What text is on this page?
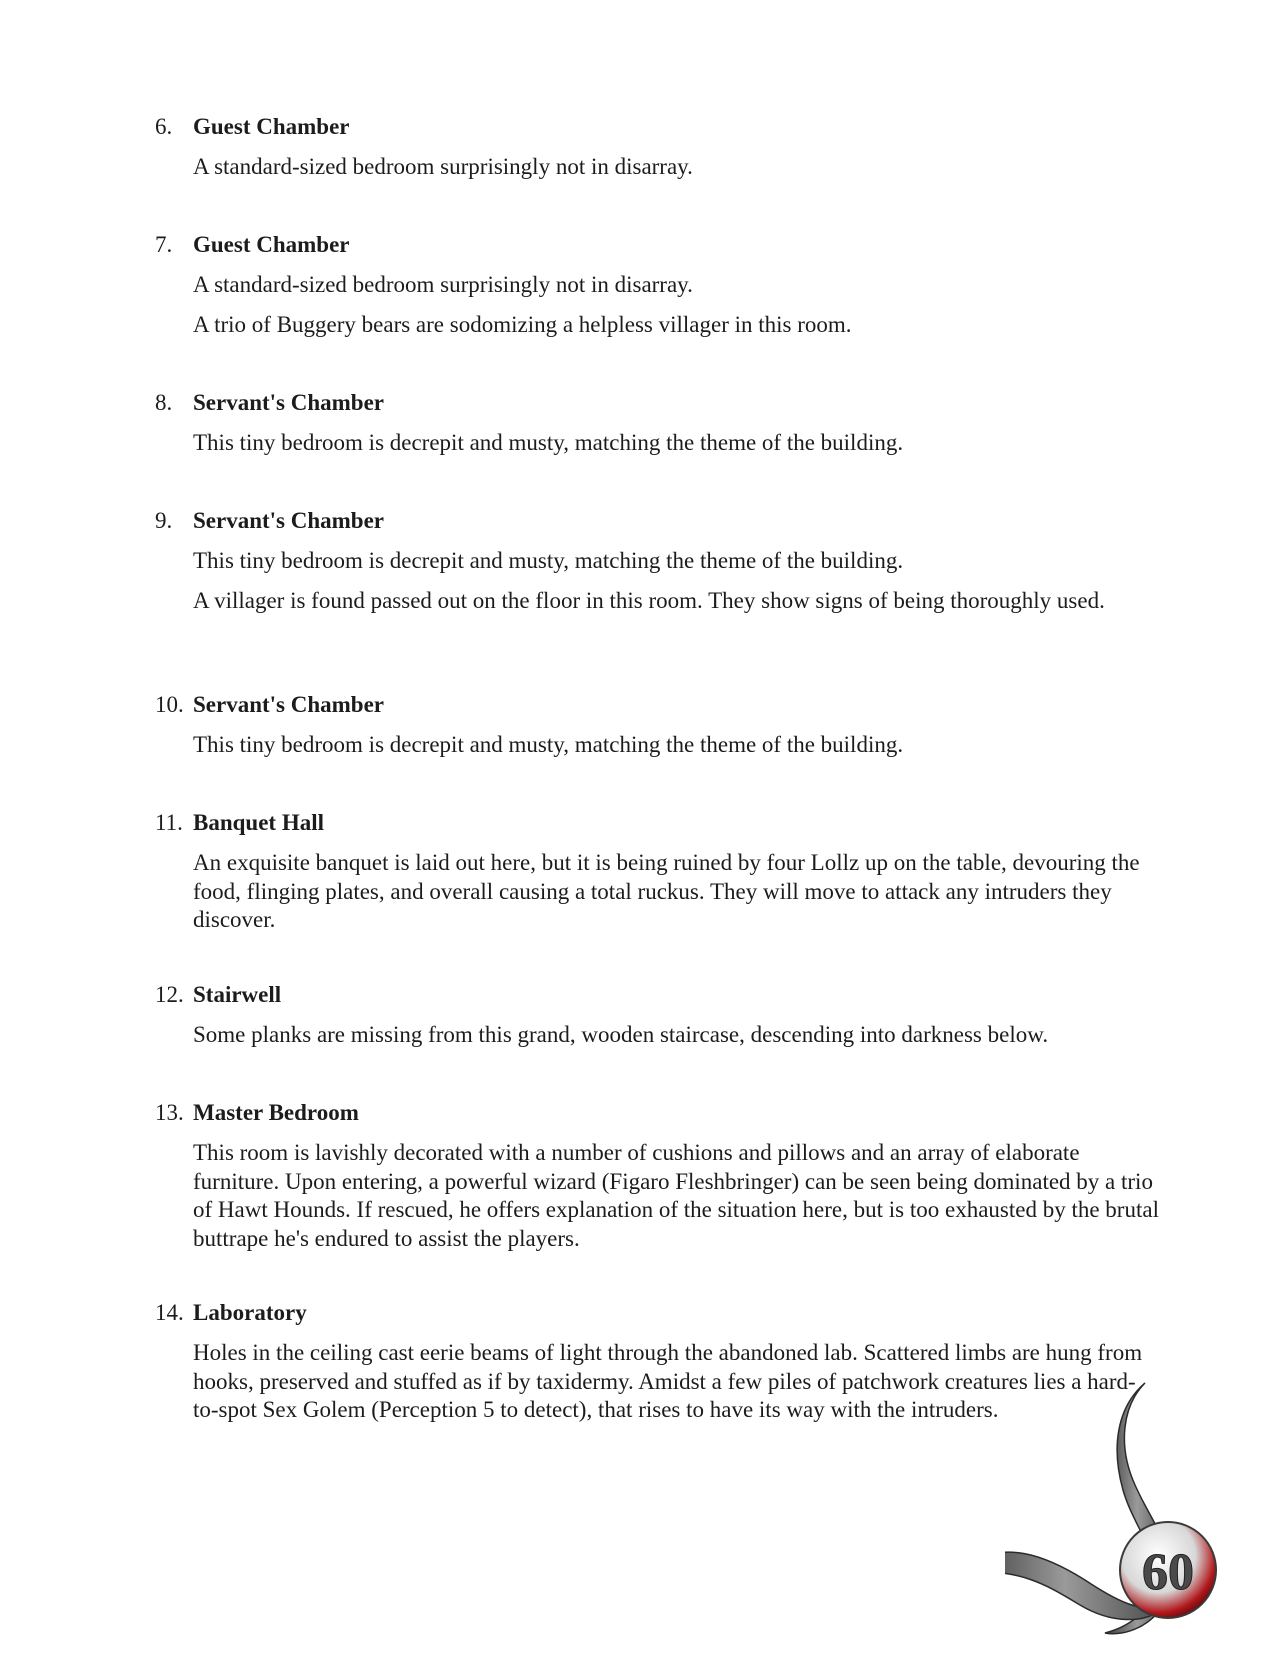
6. Guest Chamber

A standard-sized bedroom surprisingly not in disarray.

7. Guest Chamber

A standard-sized bedroom surprisingly not in disarray.

A trio of Buggery bears are sodomizing a helpless villager in this room.

8. Servant's Chamber

This tiny bedroom is decrepit and musty, matching the theme of the building.

9. Servant's Chamber

This tiny bedroom is decrepit and musty, matching the theme of the building.

A villager is found passed out on the floor in this room. They show signs of being thoroughly used.

10. Servant's Chamber

This tiny bedroom is decrepit and musty, matching the theme of the building.

11. Banquet Hall

An exquisite banquet is laid out here, but it is being ruined by four Lollz up on the table, devouring the food, flinging plates, and overall causing a total ruckus. They will move to attack any intruders they discover.

12. Stairwell

Some planks are missing from this grand, wooden staircase, descending into darkness below.

13. Master Bedroom

This room is lavishly decorated with a number of cushions and pillows and an array of elaborate furniture. Upon entering, a powerful wizard (Figaro Fleshbringer) can be seen being dominated by a trio of Hawt Hounds. If rescued, he offers explanation of the situation here, but is too exhausted by the brutal buttrape he's endured to assist the players.

14. Laboratory

Holes in the ceiling cast eerie beams of light through the abandoned lab. Scattered limbs are hung from hooks, preserved and stuffed as if by taxidermy. Amidst a few piles of patchwork creatures lies a hard-to-spot Sex Golem (Perception 5 to detect), that rises to have its way with the intruders.

60
